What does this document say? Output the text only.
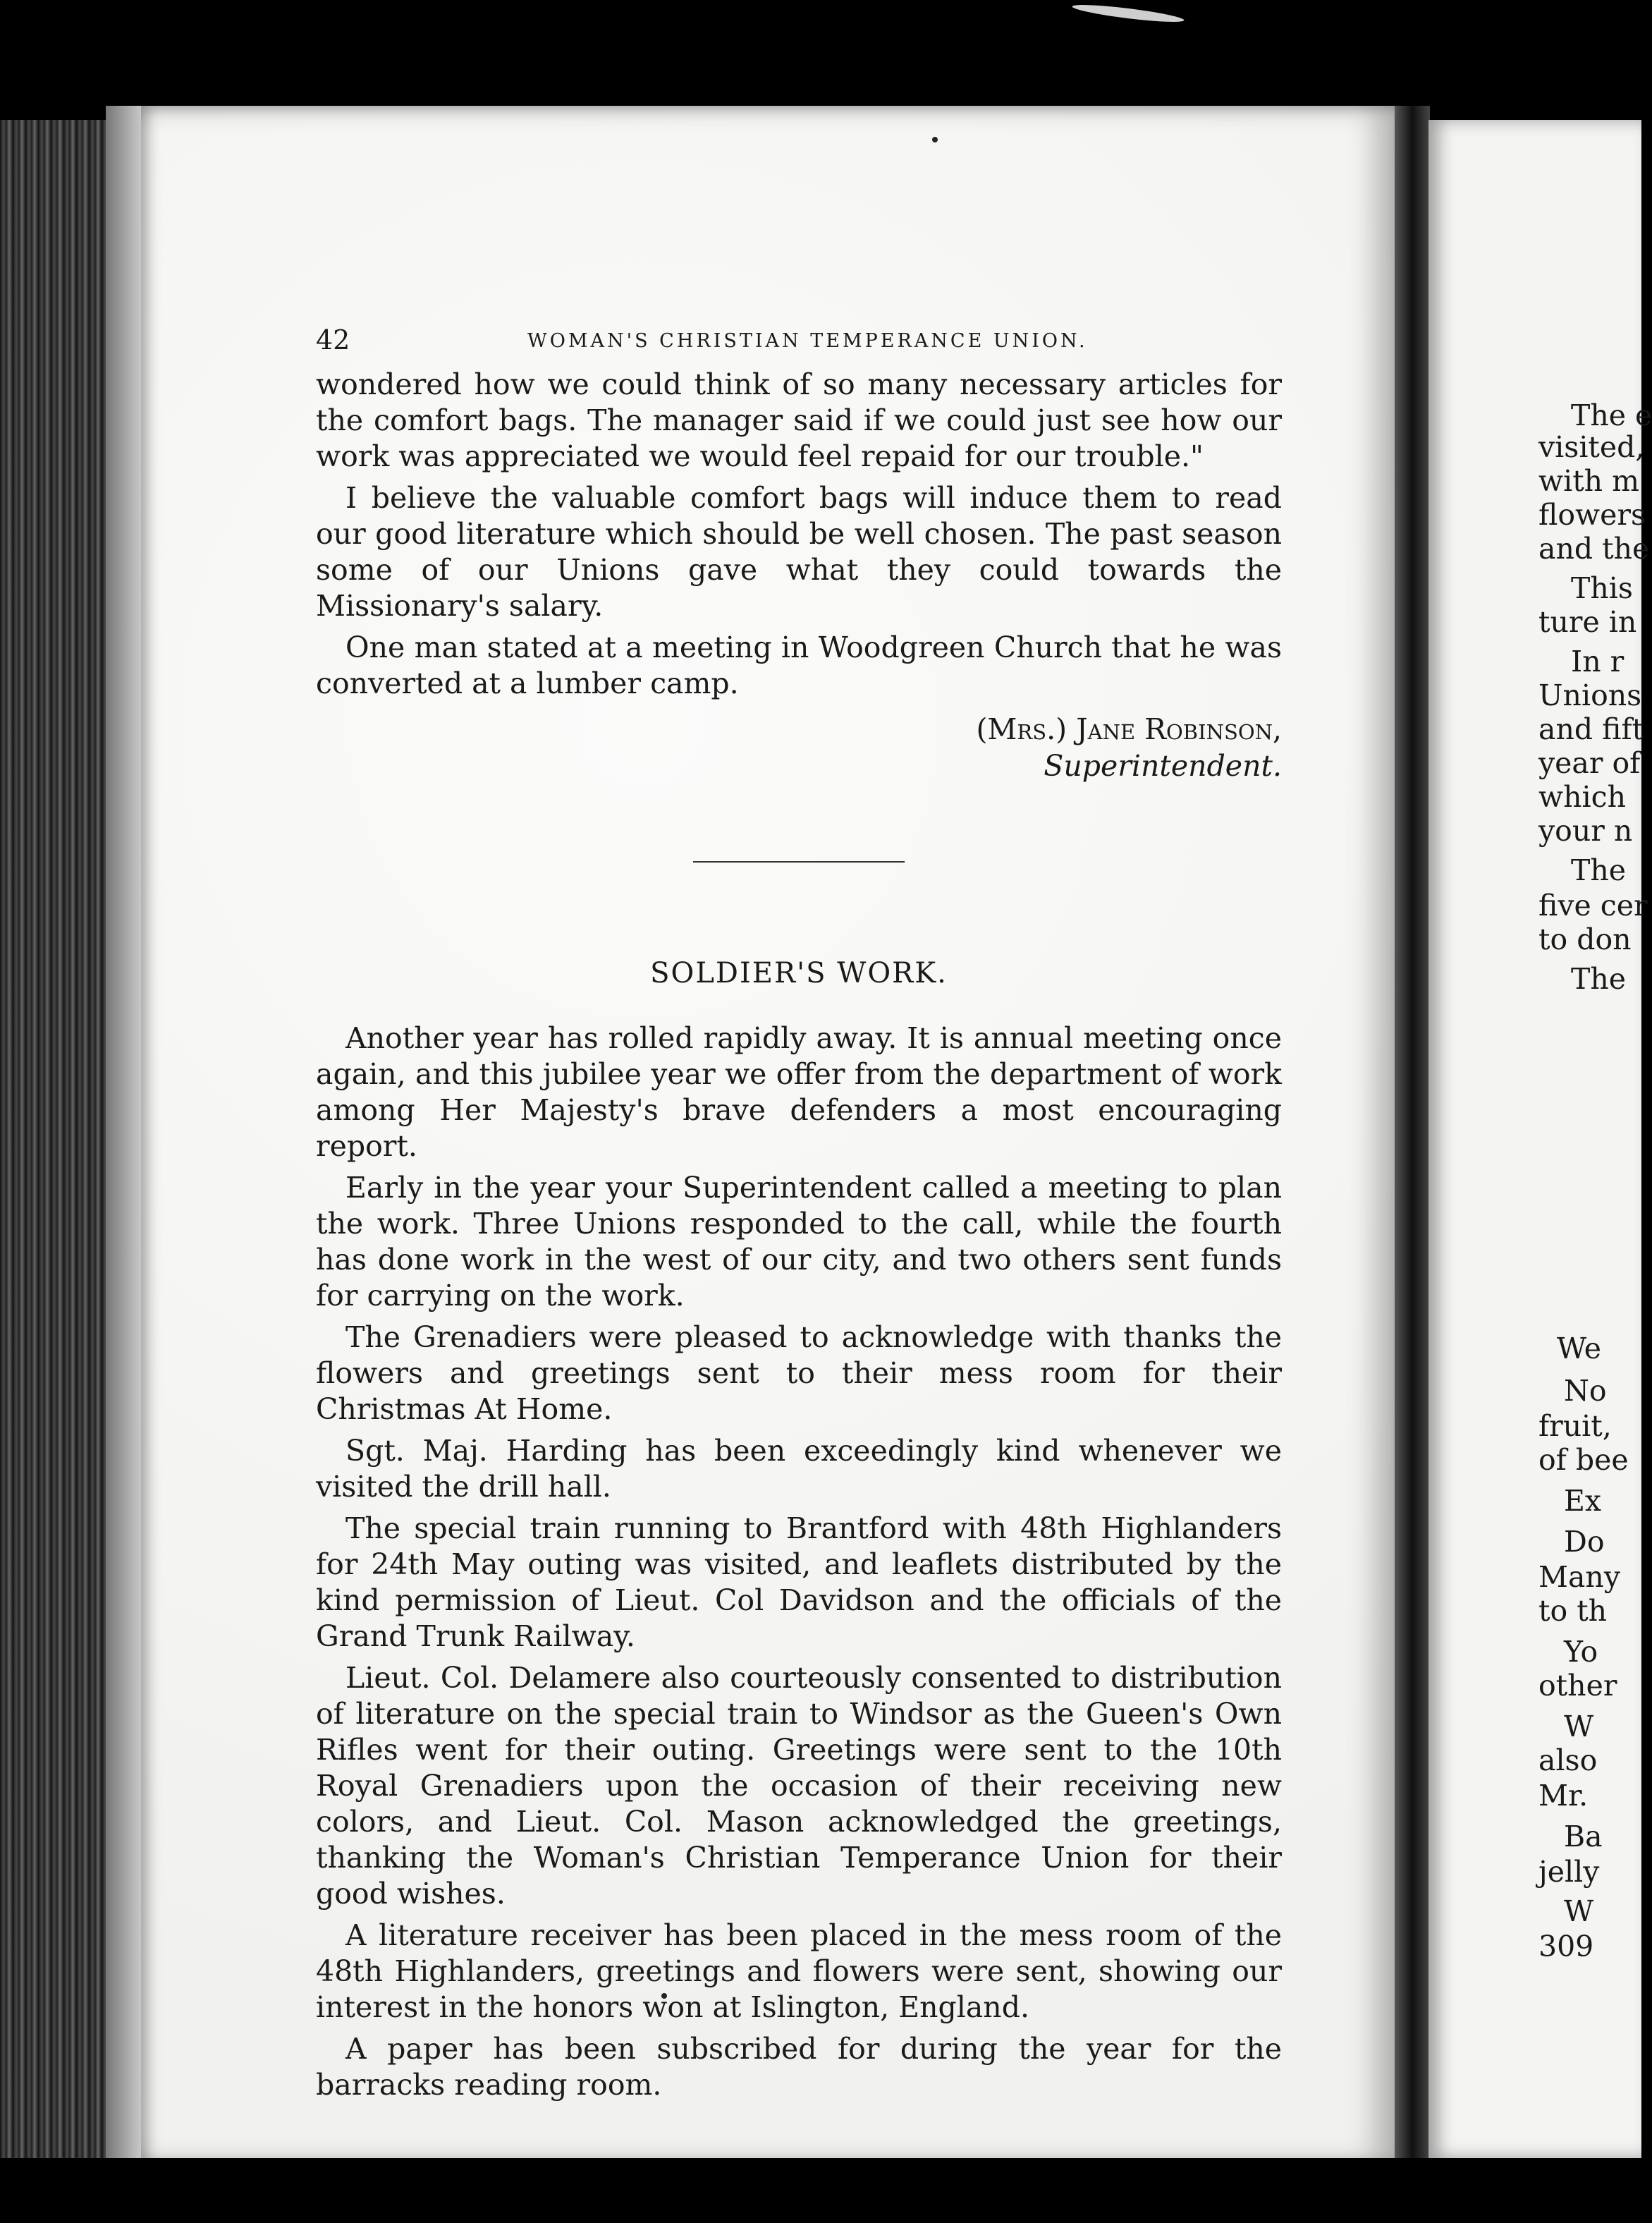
42	WOMAN'S CHRISTIAN TEMPERANCE UNION.

wondered how we could think of so many necessary articles for the comfort bags. The manager said if we could just see how our work was appreciated we would feel repaid for our trouble."

I believe the valuable comfort bags will induce them to read our good literature which should be well chosen. The past season some of our Unions gave what they could towards the Missionary's salary.

One man stated at a meeting in Woodgreen Church that he was converted at a lumber camp.

(Mrs.) Jane Robinson,
Superintendent.
SOLDIER'S WORK.

Another year has rolled rapidly away. It is annual meeting once again, and this jubilee year we offer from the department of work among Her Majesty's brave defenders a most encouraging report.

Early in the year your Superintendent called a meeting to plan the work. Three Unions responded to the call, while the fourth has done work in the west of our city, and two others sent funds for carrying on the work.

The Grenadiers were pleased to acknowledge with thanks the flowers and greetings sent to their mess room for their Christmas At Home.

Sgt. Maj. Harding has been exceedingly kind whenever we visited the drill hall.

The special train running to Brantford with 48th Highlanders for 24th May outing was visited, and leaflets distributed by the kind permission of Lieut. Col Davidson and the officials of the Grand Trunk Railway.

Lieut. Col. Delamere also courteously consented to distribution of literature on the special train to Windsor as the Gueen's Own Rifles went for their outing. Greetings were sent to the 10th Royal Grenadiers upon the occasion of their receiving new colors, and Lieut. Col. Mason acknowledged the greetings, thanking the Woman's Christian Temperance Union for their good wishes.

A literature receiver has been placed in the mess room of the 48th Highlanders, greetings and flowers were sent, showing our interest in the honors won at Islington, England.

A paper has been subscribed for during the year for the barracks reading room.

The e
visited,
with m
flowers
and the
This
ture in
In r
Unions
and fift
year of
which
your n
The
five cer
to don
The
We
No
fruit,
of bee
Ex
Do
Many
to th
Yo
other
W
also
Mr.
Ba
jelly
W
309
